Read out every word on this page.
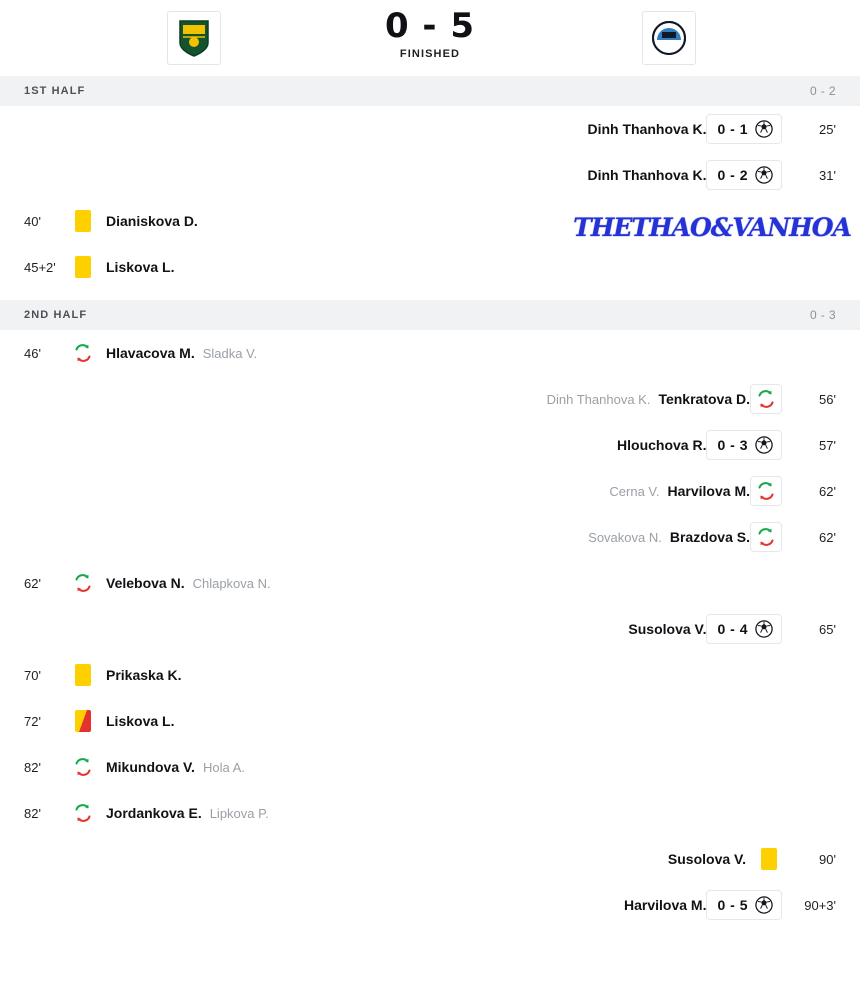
0 - 5
FINISHED
1ST HALF	0 - 2
Dinh Thanhova K. 0 - 1	25'
Dinh Thanhova K. 0 - 2	31'
40'	Dianiskova D.
45+2'	Liskova L.
2ND HALF	0 - 3
46'	Hlavacova M. Sladka V.
Dinh Thanhova K. Tenkratova D.	56'
Hlouchova R. 0 - 3	57'
Cerna V. Harvilova M.	62'
Sovakova N. Brazdova S.	62'
62'	Velebova N. Chlapkova N.
Susolova V. 0 - 4	65'
70'	Prikaska K.
72'	Liskova L.
82'	Mikundova V. Hola A.
82'	Jordankova E. Lipkova P.
Susolova V.	90'
Harvilova M. 0 - 5	90+3'
THETHAO&VANHOA
